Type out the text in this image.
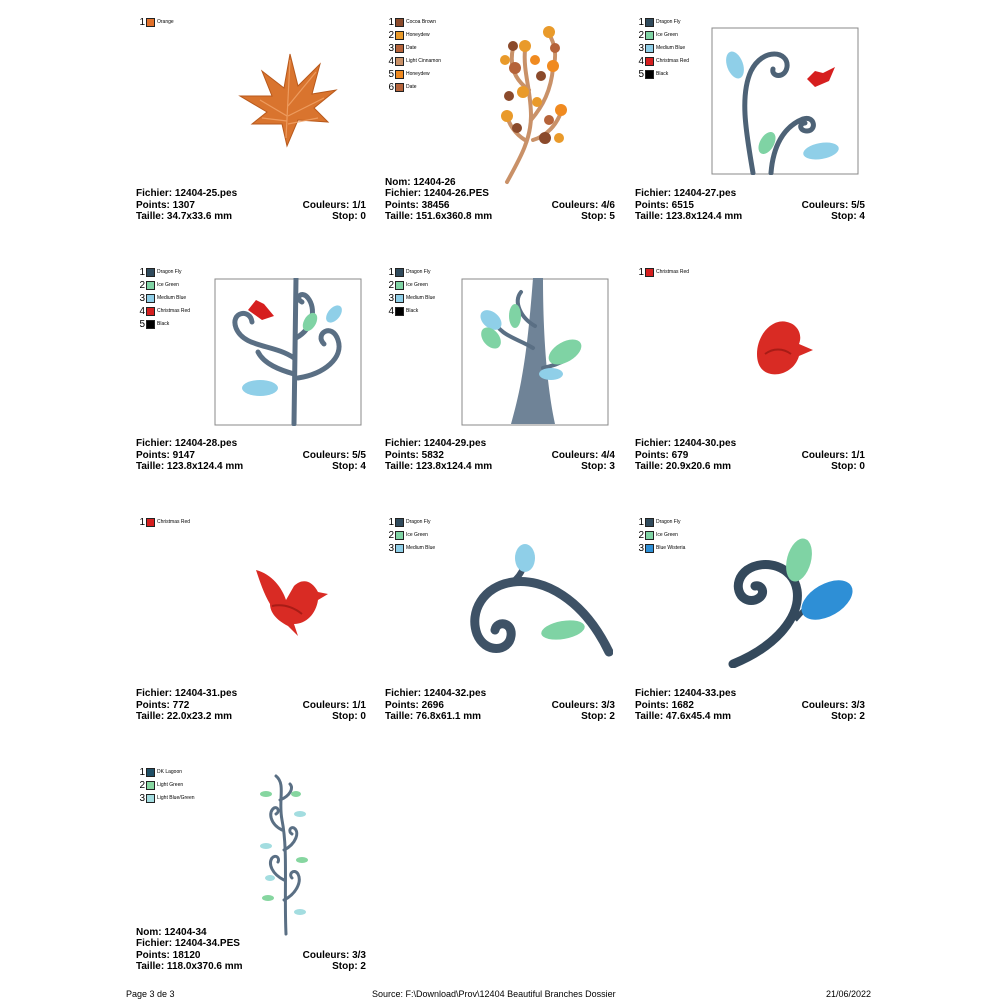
1 Orange
Fichier: 12404-25.pes
Points: 1307	Couleurs: 1/1
Taille: 34.7x33.6 mm	Stop: 0
1 Cocoa Brown
2 Honeydew
3 Date
4 Light Cinnamon
5 Honeydew
6 Date
Nom: 12404-26
Fichier: 12404-26.PES
Points: 38456	Couleurs: 4/6
Taille: 151.6x360.8 mm	Stop: 5
1 Dragon Fly
2 Ice Green
3 Medium Blue
4 Christmas Red
5 Black
Fichier: 12404-27.pes
Points: 6515	Couleurs: 5/5
Taille: 123.8x124.4 mm	Stop: 4
1 Dragon Fly
2 Ice Green
3 Medium Blue
4 Christmas Red
5 Black
Fichier: 12404-28.pes
Points: 9147	Couleurs: 5/5
Taille: 123.8x124.4 mm	Stop: 4
1 Dragon Fly
2 Ice Green
3 Medium Blue
4 Black
Fichier: 12404-29.pes
Points: 5832	Couleurs: 4/4
Taille: 123.8x124.4 mm	Stop: 3
1 Christmas Red
Fichier: 12404-30.pes
Points: 679	Couleurs: 1/1
Taille: 20.9x20.6 mm	Stop: 0
1 Christmas Red
Fichier: 12404-31.pes
Points: 772	Couleurs: 1/1
Taille: 22.0x23.2 mm	Stop: 0
1 Dragon Fly
2 Ice Green
3 Medium Blue
Fichier: 12404-32.pes
Points: 2696	Couleurs: 3/3
Taille: 76.8x61.1 mm	Stop: 2
1 Dragon Fly
2 Ice Green
3 Blue Wisteria
Fichier: 12404-33.pes
Points: 1682	Couleurs: 3/3
Taille: 47.6x45.4 mm	Stop: 2
1 DK Lagoon
2 Light Green
3 Light Blue/Green
Nom: 12404-34
Fichier: 12404-34.PES
Points: 18120	Couleurs: 3/3
Taille: 118.0x370.6 mm	Stop: 2
Page 3 de 3	Source: F:\Download\Prov\12404 Beautiful Branches Dossier	21/06/2022
